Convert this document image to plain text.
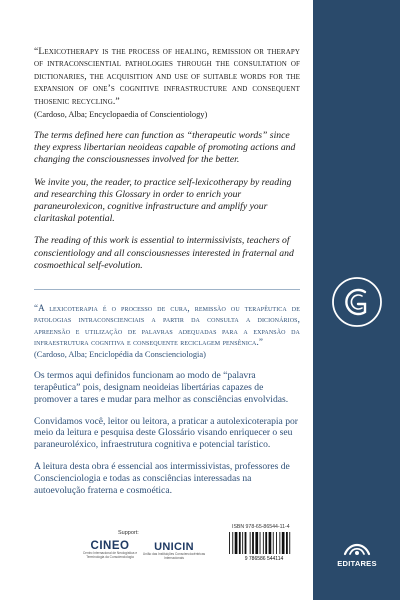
“Lexicotherapy is the process of healing, remission or therapy of intraconsciential pathologies through the consultation of dictionaries, the acquisition and use of suitable words for the expansion of one’s cognitive infrastructure and consequent thosenic recycling.”

(Cardoso, Alba; Encyclopaedia of Conscientiology)

The terms defined here can function as “therapeutic words” since they express libertarian neoideas capable of promoting actions and changing the consciousnesses involved for the better.

We invite you, the reader, to practice self-lexicotherapy by reading and researching this Glossary in order to enrich your paraneurolexicon, cognitive infrastructure and amplify your claritaskal potential.

The reading of this work is essential to intermissivists, teachers of conscientiology and all consciousnesses interested in fraternal and cosmoethical self-evolution.

“A lexicoterapia é o processo de cura, remissão ou terapêutica de patologias intraconscienciais a partir da consulta a dicionários, apreensão e utilização de palavras adequadas para a expansão da infraestrutura cognitiva e consequente reciclagem pensênica.”

(Cardoso, Alba; Enciclopédia da Conscienciologia)

Os termos aqui definidos funcionam ao modo de “palavra terapêutica” pois, designam neoideias libertárias capazes de promover a tares e mudar para melhor as consciências envolvidas.

Convidamos você, leitor ou leitora, a praticar a autolexicoterapia por meio da leitura e pesquisa deste Glossário visando enriquecer o seu paraneuroléxico, infraestrutura cognitiva e potencial tarístico.

A leitura desta obra é essencial aos intermissivistas, professores de Conscienciologia e todas as consciências interessadas na autoevolução fraterna e cosmoética.

Support:
CINEO
Centro Internacional de Neologística e Terminologia da Conscienciologia
UNICIN
União das Instituições Conscienciocêntricas Internacionais
ISBN 978-65-86544-11-4
9 786586 544114	EDITARES
